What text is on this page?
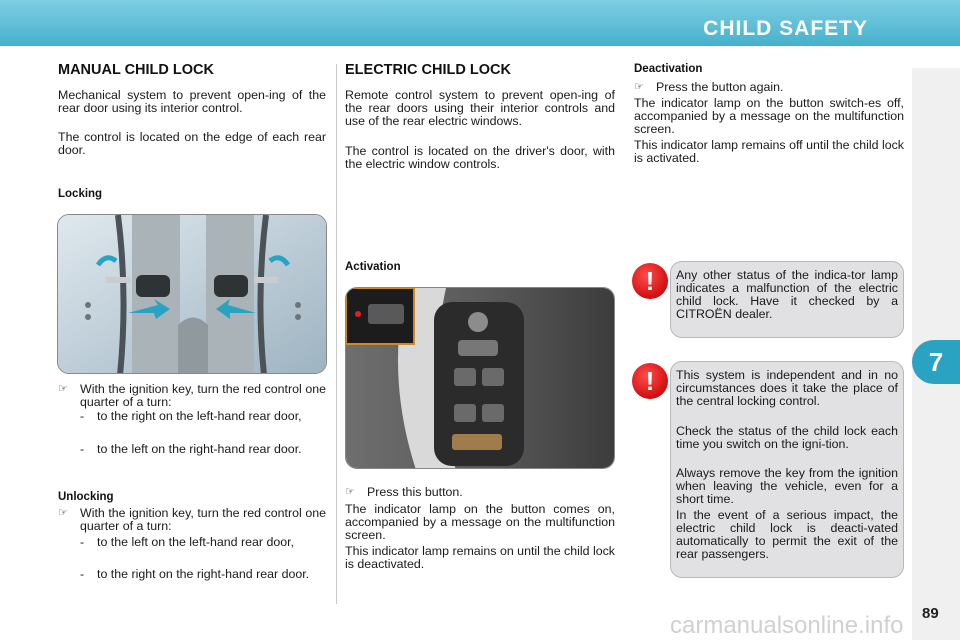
CHILD SAFETY
7
89
MANUAL CHILD LOCK
Mechanical system to prevent open-ing of the rear door using its interior control.
The control is located on the edge of each rear door.
Locking
☞ With the ignition key, turn the red control one quarter of a turn:
- to the right on the left-hand rear door,
- to the left on the right-hand rear door.
Unlocking
☞ With the ignition key, turn the red control one quarter of a turn:
- to the left on the left-hand rear door,
- to the right on the right-hand rear door.
ELECTRIC CHILD LOCK
Remote control system to prevent open-ing of the rear doors using their interior controls and use of the rear electric windows.
The control is located on the driver's door, with the electric window controls.
Activation
☞ Press this button.
The indicator lamp on the button comes on, accompanied by a message on the multifunction screen.
This indicator lamp remains on until the child lock is deactivated.
Deactivation
☞ Press the button again.
The indicator lamp on the button switch-es off, accompanied by a message on the multifunction screen.
This indicator lamp remains off until the child lock is activated.
Any other status of the indica-tor lamp indicates a malfunction of the electric child lock. Have it checked by a CITROËN dealer.
!
This system is independent and in no circumstances does it take the place of the central locking control.
Check the status of the child lock each time you switch on the igni-tion.
Always remove the key from the ignition when leaving the vehicle, even for a short time.
In the event of a serious impact, the electric child lock is deacti-vated automatically to permit the exit of the rear passengers.
!
carmanualsonline.info
